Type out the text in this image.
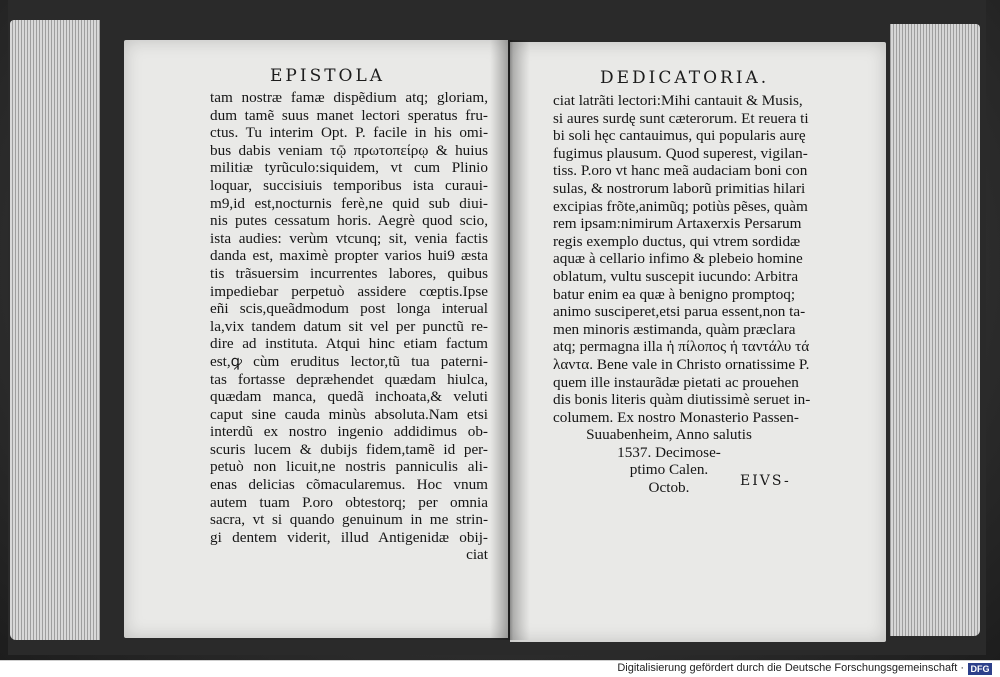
EPISTOLA	DEDICATORIA.
tam nostræ famæ dispẽdium atq; gloriam,
dum tamẽ suus manet lectori speratus fru-
ctus. Tu interim Opt. P. facile in his omi-
bus dabis veniam τῷ πρωτοπείρῳ & huius
militiæ tyrũculo:siquidem, vt cum Plinio
loquar, succisiuis temporibus ista curaui-
m9,id est,nocturnis ferè,ne quid sub diui-
nis putes cessatum horis. Aegrè quod scio,
ista audies: verùm vtcunq; sit, venia factis
danda est, maximè propter varios hui9 æsta
tis trãsuersim incurrentes labores, quibus
impediebar perpetuò assidere cœptis.Ipse
eñi scis,queãdmodum post longa interual
la,vix tandem datum sit vel per punctũ re-
dire ad instituta. Atqui hinc etiam factum
est,ꝙ cùm eruditus lector,tũ tua paterni-
tas fortasse depræhendet quædam hiulca,
quædam manca, quedã inchoata,& veluti
caput sine cauda minùs absoluta.Nam etsi
interdũ ex nostro ingenio addidimus ob-
scuris lucem & dubijs fidem,tamẽ id per-
petuò non licuit,ne nostris panniculis ali-
enas delicias cõmacularemus. Hoc vnum
autem tuam P.oro obtestorq; per omnia
sacra, vt si quando genuinum in me strin-
gi dentem viderit, illud Antigenidæ obij-
ciat
ciat latrãti lectori:Mihi cantauit & Musis,
si aures surdę sunt cæterorum. Et reuera ti
bi soli hęc cantauimus, qui popularis aurę
fugimus plausum. Quod superest, vigilan-
tiss. P.oro vt hanc meã audaciam boni con
sulas, & nostrorum laborũ primitias hilari
excipias frõte,animũq; potiùs pẽses, quàm
rem ipsam:nimirum Artaxerxis Persarum
regis exemplo ductus, qui vtrem sordidæ
aquæ à cellario infimo & plebeio homine
oblatum, vultu suscepit iucundo: Arbitra
batur enim ea quæ à benigno promptoq;
animo susciperet,etsi parua essent,non ta-
men minoris æstimanda, quàm præclara
atq; permagna illa ἡ πίλοπος ἡ ταντάλυ τά
λαντα. Bene vale in Christo ornatissime P.
quem ille instaurãdæ pietati ac prouehen
dis bonis literis quàm diutissimè seruet in-
columem. Ex nostro Monasterio Passen-
Suuabenheim, Anno salutis
1537. Decimose-
ptimo Calen.
Octob.	EIVS-
Digitalisierung gefördert durch die Deutsche Forschungsgemeinschaft · DFG
